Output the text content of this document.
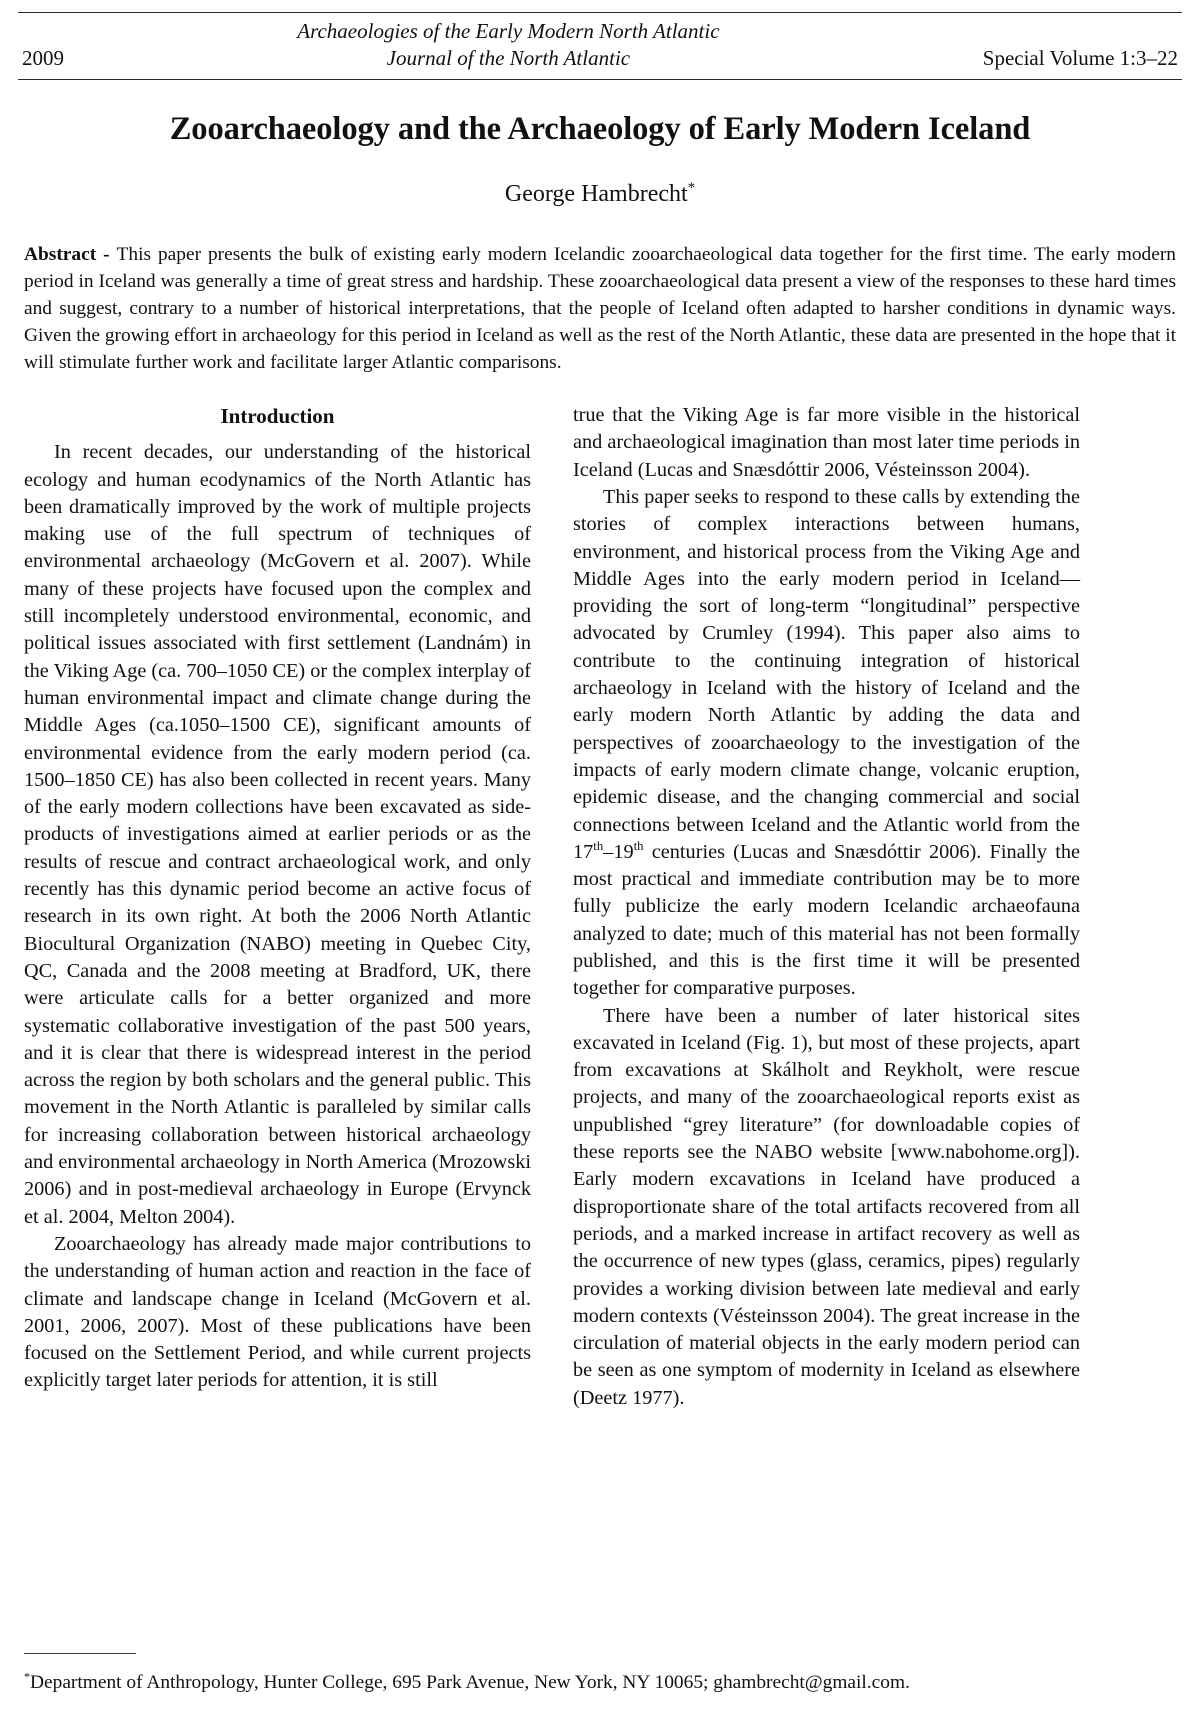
2009
Archaeologies of the Early Modern North Atlantic
Journal of the North Atlantic	Special Volume 1:3–22
Zooarchaeology and the Archaeology of Early Modern Iceland
George Hambrecht*
Abstract - This paper presents the bulk of existing early modern Icelandic zooarchaeological data together for the first time. The early modern period in Iceland was generally a time of great stress and hardship. These zooarchaeological data present a view of the responses to these hard times and suggest, contrary to a number of historical interpretations, that the people of Iceland often adapted to harsher conditions in dynamic ways. Given the growing effort in archaeology for this period in Iceland as well as the rest of the North Atlantic, these data are presented in the hope that it will stimulate further work and facilitate larger Atlantic comparisons.
Introduction

In recent decades, our understanding of the historical ecology and human ecodynamics of the North Atlantic has been dramatically improved by the work of multiple projects making use of the full spectrum of techniques of environmental archaeology (McGovern et al. 2007). While many of these projects have focused upon the complex and still incompletely understood environmental, economic, and political issues associated with first settlement (Landnám) in the Viking Age (ca. 700–1050 CE) or the complex interplay of human environmental impact and climate change during the Middle Ages (ca.1050–1500 CE), significant amounts of environmental evidence from the early modern period (ca. 1500–1850 CE) has also been collected in recent years. Many of the early modern collections have been excavated as side-products of investigations aimed at earlier periods or as the results of rescue and contract archaeological work, and only recently has this dynamic period become an active focus of research in its own right. At both the 2006 North Atlantic Biocultural Organization (NABO) meeting in Quebec City, QC, Canada and the 2008 meeting at Bradford, UK, there were articulate calls for a better organized and more systematic collaborative investigation of the past 500 years, and it is clear that there is widespread interest in the period across the region by both scholars and the general public. This movement in the North Atlantic is paralleled by similar calls for increasing collaboration between historical archaeology and environmental archaeology in North America (Mrozowski 2006) and in post-medieval archaeology in Europe (Ervynck et al. 2004, Melton 2004).

Zooarchaeology has already made major contributions to the understanding of human action and reaction in the face of climate and landscape change in Iceland (McGovern et al. 2001, 2006, 2007). Most of these publications have been focused on the Settlement Period, and while current projects explicitly target later periods for attention, it is still

true that the Viking Age is far more visible in the historical and archaeological imagination than most later time periods in Iceland (Lucas and Snæsdóttir 2006, Vésteinsson 2004).

This paper seeks to respond to these calls by extending the stories of complex interactions between humans, environment, and historical process from the Viking Age and Middle Ages into the early modern period in Iceland—providing the sort of long-term “longitudinal” perspective advocated by Crumley (1994). This paper also aims to contribute to the continuing integration of historical archaeology in Iceland with the history of Iceland and the early modern North Atlantic by adding the data and perspectives of zooarchaeology to the investigation of the impacts of early modern climate change, volcanic eruption, epidemic disease, and the changing commercial and social connections between Iceland and the Atlantic world from the 17th–19th centuries (Lucas and Snæsdóttir 2006). Finally the most practical and immediate contribution may be to more fully publicize the early modern Icelandic archaeofauna analyzed to date; much of this material has not been formally published, and this is the first time it will be presented together for comparative purposes.

There have been a number of later historical sites excavated in Iceland (Fig. 1), but most of these projects, apart from excavations at Skálholt and Reykholt, were rescue projects, and many of the zooarchaeological reports exist as unpublished “grey literature” (for downloadable copies of these reports see the NABO website [www.nabohome.org]). Early modern excavations in Iceland have produced a disproportionate share of the total artifacts recovered from all periods, and a marked increase in artifact recovery as well as the occurrence of new types (glass, ceramics, pipes) regularly provides a working division between late medieval and early modern contexts (Vésteinsson 2004). The great increase in the circulation of material objects in the early modern period can be seen as one symptom of modernity in Iceland as elsewhere (Deetz 1977).

*Department of Anthropology, Hunter College, 695 Park Avenue, New York, NY 10065; ghambrecht@gmail.com.
